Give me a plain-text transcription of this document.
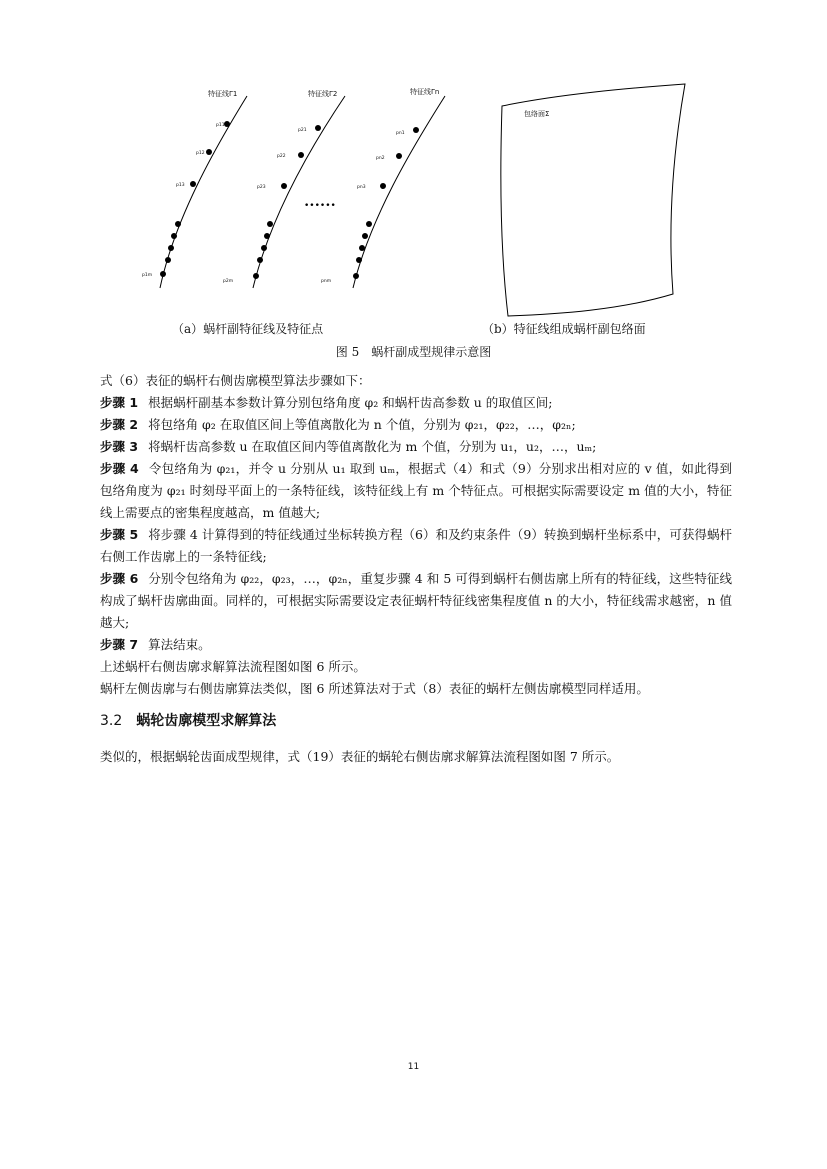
特征线Γ1	特征线Γ2	特征线Γn
p11
p12
p13
p1m
p21
p22
p23
p2m
pn1
pn2
pn3
pnm
••••••
包络面Σ
（a）蜗杆副特征线及特征点	（b）特征线组成蜗杆副包络面
图 5　蜗杆副成型规律示意图

式（6）表征的蜗杆右侧齿廓模型算法步骤如下：

步骤 1 根据蜗杆副基本参数计算分别包络角度 φ₂ 和蜗杆齿高参数 u 的取值区间;

步骤 2 将包络角 φ₂ 在取值区间上等值离散化为 n 个值，分别为 φ₂₁，φ₂₂，…，φ₂ₙ;

步骤 3 将蜗杆齿高参数 u 在取值区间内等值离散化为 m 个值，分别为 u₁，u₂，…，uₘ;

步骤 4 令包络角为 φ₂₁，并令 u 分别从 u₁ 取到 uₘ，根据式（4）和式（9）分别求出相对应的 v 值，如此得到包络角度为 φ₂₁ 时刻母平面上的一条特征线，该特征线上有 m 个特征点。可根据实际需要设定 m 值的大小，特征线上需要点的密集程度越高，m 值越大;

步骤 5 将步骤 4 计算得到的特征线通过坐标转换方程（6）和及约束条件（9）转换到蜗杆坐标系中，可获得蜗杆右侧工作齿廓上的一条特征线;

步骤 6 分别令包络角为 φ₂₂，φ₂₃，…，φ₂ₙ，重复步骤 4 和 5 可得到蜗杆右侧齿廓上所有的特征线，这些特征线构成了蜗杆齿廓曲面。同样的，可根据实际需要设定表征蜗杆特征线密集程度值 n 的大小，特征线需求越密，n 值越大;

步骤 7 算法结束。

上述蜗杆右侧齿廓求解算法流程图如图 6 所示。

蜗杆左侧齿廓与右侧齿廓算法类似，图 6 所述算法对于式（8）表征的蜗杆左侧齿廓模型同样适用。

3.2 蜗轮齿廓模型求解算法
类似的，根据蜗轮齿面成型规律，式（19）表征的蜗轮右侧齿廓求解算法流程图如图 7 所示。
11
